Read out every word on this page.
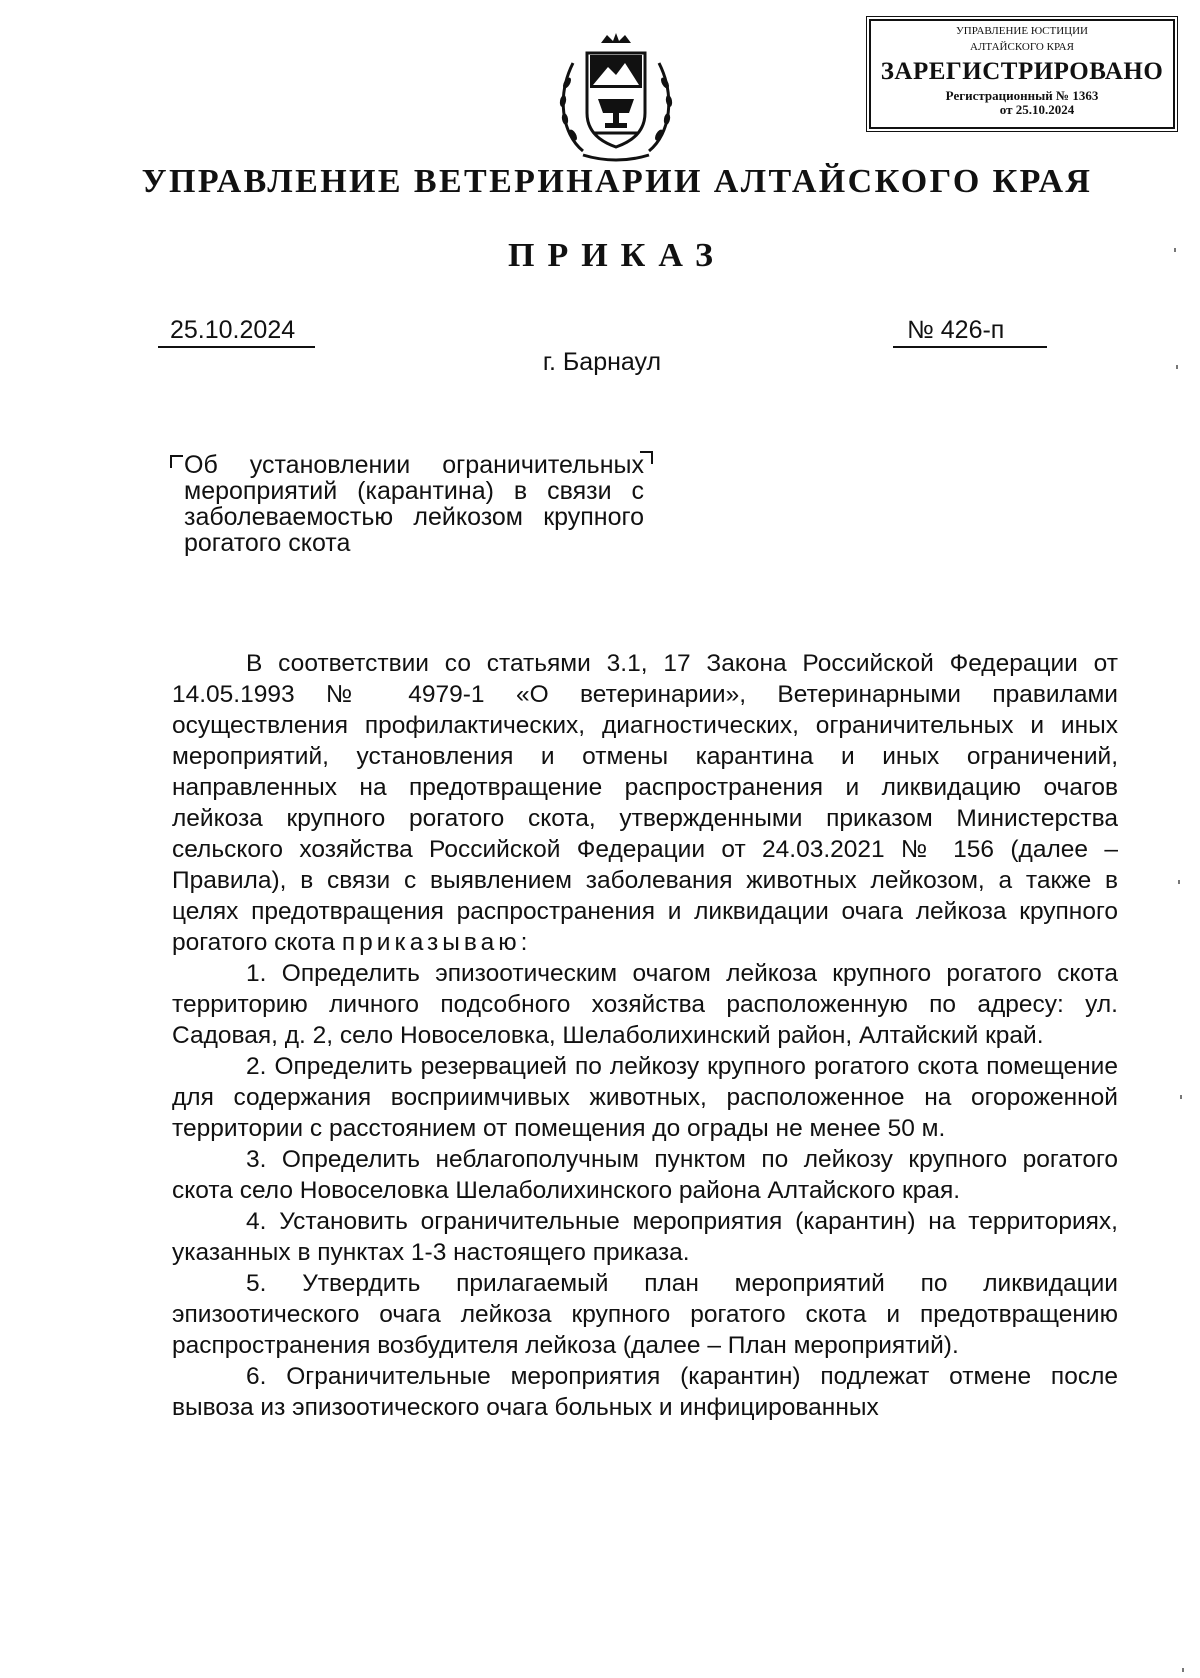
УПРАВЛЕНИЕ ЮСТИЦИИ
АЛТАЙСКОГО КРАЯ
ЗАРЕГИСТРИРОВАНО
Регистрационный № 1363
от 25.10.2024
УПРАВЛЕНИЕ ВЕТЕРИНАРИИ АЛТАЙСКОГО КРАЯ
ПРИКАЗ
25.10.2024	№ 426-п
г. Барнаул
Об установлении ограничительных мероприятий (карантина) в связи с заболеваемостью лейкозом крупного рогатого скота

В соответствии со статьями 3.1, 17 Закона Российской Федерации от 14.05.1993 № 4979-1 «О ветеринарии», Ветеринарными правилами осуществления профилактических, диагностических, ограничительных и иных мероприятий, установления и отмены карантина и иных ограничений, направленных на предотвращение распространения и ликвидацию очагов лейкоза крупного рогатого скота, утвержденными приказом Министерства сельского хозяйства Российской Федерации от 24.03.2021 № 156 (далее – Правила), в связи с выявлением заболевания животных лейкозом, а также в целях предотвращения распространения и ликвидации очага лейкоза крупного рогатого скота приказываю:

1. Определить эпизоотическим очагом лейкоза крупного рогатого скота территорию личного подсобного хозяйства расположенную по адресу: ул. Садовая, д. 2, село Новоселовка, Шелаболихинский район, Алтайский край.

2. Определить резервацией по лейкозу крупного рогатого скота помещение для содержания восприимчивых животных, расположенное на огороженной территории с расстоянием от помещения до ограды не менее 50 м.

3. Определить неблагополучным пунктом по лейкозу крупного рогатого скота село Новоселовка Шелаболихинского района Алтайского края.

4. Установить ограничительные мероприятия (карантин) на территориях, указанных в пунктах 1-3 настоящего приказа.

5. Утвердить прилагаемый план мероприятий по ликвидации эпизоотического очага лейкоза крупного рогатого скота и предотвращению распространения возбудителя лейкоза (далее – План мероприятий).

6. Ограничительные мероприятия (карантин) подлежат отмене после вывоза из эпизоотического очага больных и инфицированных
